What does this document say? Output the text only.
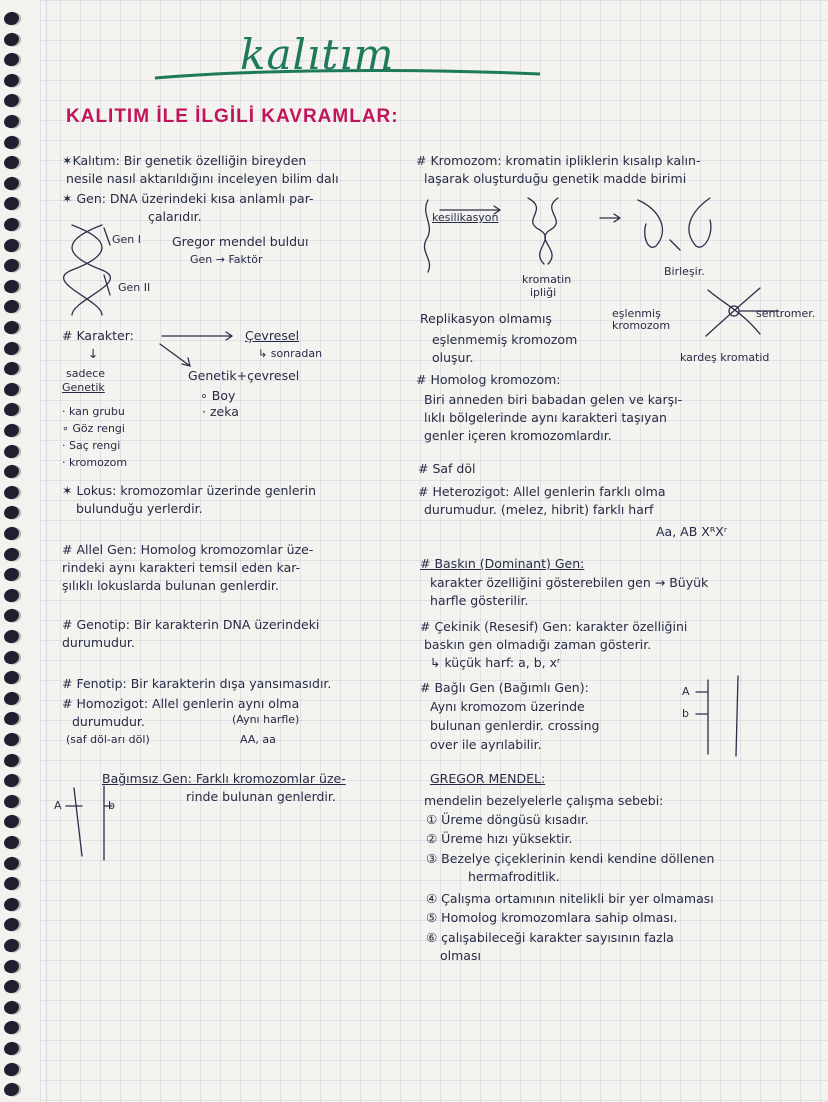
kalıtım
KALITIM İLE İLGİLİ KAVRAMLAR:
✶Kalıtım: Bir genetik özelliğin bireyden
nesile nasıl aktarıldığını inceleyen bilim dalı
✶ Gen: DNA üzerindeki kısa anlamlı par-
çalarıdır.
Gen I Gregor mendel bulduı
Gen → Faktör
Gen II
# Karakter:	Çevresel
↳ sonradan
↓
sadece
Genetik
Genetik+çevresel
∘ Boy
· zeka
· kan grubu
∘ Göz rengi
· Saç rengi
· kromozom
✶ Lokus: kromozomlar üzerinde genlerin
bulunduğu yerlerdir.
# Allel Gen: Homolog kromozomlar üze-
rindeki aynı karakteri temsil eden kar-
şılıklı lokuslarda bulunan genlerdir.
# Genotip: Bir karakterin DNA üzerindeki
durumudur.
# Fenotip: Bir karakterin dışa yansımasıdır.
# Homozigot: Allel genlerin aynı olma
durumudur.	(Aynı harfle)
(saf döl-arı döl)	AA, aa
Bağımsız Gen: Farklı kromozomlar üze-
rinde bulunan genlerdir.
A	b
# Kromozom: kromatin ipliklerin kısalıp kalın-
laşarak oluşturduğu genetik madde birimi
kesilikasyon
kromatin
ipliği
Birleşir.
Replikasyon olmamış	eşlenmiş
kromozom
sentromer.
eşlenmemiş kromozom
oluşur.	kardeş kromatid
# Homolog kromozom:
Biri anneden biri babadan gelen ve karşı-
lıklı bölgelerinde aynı karakteri taşıyan
genler içeren kromozomlardır.
# Saf döl
# Heterozigot: Allel genlerin farklı olma
durumudur. (melez, hibrit) farklı harf
Aa, AB XᴿXʳ
# Baskın (Dominant) Gen:
karakter özelliğini gösterebilen gen → Büyük
harfle gösterilir.
# Çekinik (Resesif) Gen: karakter özelliğini
baskın gen olmadığı zaman gösterir.
↳ küçük harf: a, b, xʳ
# Bağlı Gen (Bağımlı Gen):
Aynı kromozom üzerinde
bulunan genlerdir. crossing
over ile ayrılabilir.
A
b
GREGOR MENDEL:
mendelin bezelyelerle çalışma sebebi:
① Üreme döngüsü kısadır.
② Üreme hızı yüksektir.
③ Bezelye çiçeklerinin kendi kendine döllenen
hermafroditlik.
④ Çalışma ortamının nitelikli bir yer olmaması
⑤ Homolog kromozomlara sahip olması.
⑥ çalışabileceği karakter sayısının fazla
olması
